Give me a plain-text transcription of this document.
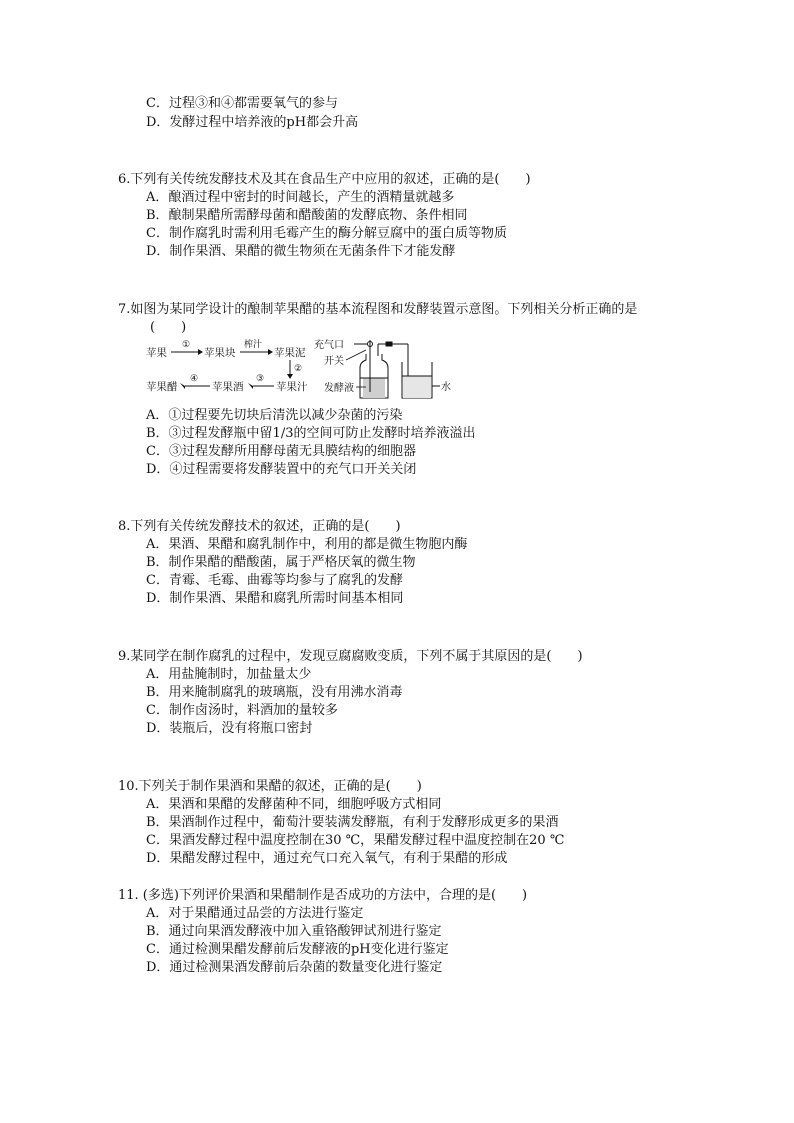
C．过程③和④都需要氧气的参与
D．发酵过程中培养液的pH都会升高
6.下列有关传统发酵技术及其在食品生产中应用的叙述，正确的是(　　)
A．酿酒过程中密封的时间越长，产生的酒精量就越多
B．酿制果醋所需酵母菌和醋酸菌的发酵底物、条件相同
C．制作腐乳时需利用毛霉产生的酶分解豆腐中的蛋白质等物质
D．制作果酒、果醋的微生物须在无菌条件下才能发酵
7.如图为某同学设计的酿制苹果醋的基本流程图和发酵装置示意图。下列相关分析正确的是
(　　)
苹果
①
苹果块
榨汁
苹果泥
②
苹果醋
④
苹果酒
③
苹果汁
充气口
开关
发酵液	水
A．①过程要先切块后清洗以减少杂菌的污染
B．③过程发酵瓶中留1/3的空间可防止发酵时培养液溢出
C．③过程发酵所用酵母菌无具膜结构的细胞器
D．④过程需要将发酵装置中的充气口开关关闭
8.下列有关传统发酵技术的叙述，正确的是(　　)
A．果酒、果醋和腐乳制作中，利用的都是微生物胞内酶
B．制作果醋的醋酸菌，属于严格厌氧的微生物
C．青霉、毛霉、曲霉等均参与了腐乳的发酵
D．制作果酒、果醋和腐乳所需时间基本相同
9.某同学在制作腐乳的过程中，发现豆腐腐败变质，下列不属于其原因的是(　　)
A．用盐腌制时，加盐量太少
B．用来腌制腐乳的玻璃瓶，没有用沸水消毒
C．制作卤汤时，料酒加的量较多
D．装瓶后，没有将瓶口密封
10.下列关于制作果酒和果醋的叙述，正确的是(　　)
A．果酒和果醋的发酵菌种不同，细胞呼吸方式相同
B．果酒制作过程中，葡萄汁要装满发酵瓶，有利于发酵形成更多的果酒
C．果酒发酵过程中温度控制在30 ℃，果醋发酵过程中温度控制在20 ℃
D．果醋发酵过程中，通过充气口充入氧气，有利于果醋的形成
11. (多选)下列评价果酒和果醋制作是否成功的方法中，合理的是(　　)
A．对于果醋通过品尝的方法进行鉴定
B．通过向果酒发酵液中加入重铬酸钾试剂进行鉴定
C．通过检测果醋发酵前后发酵液的pH变化进行鉴定
D．通过检测果酒发酵前后杂菌的数量变化进行鉴定
